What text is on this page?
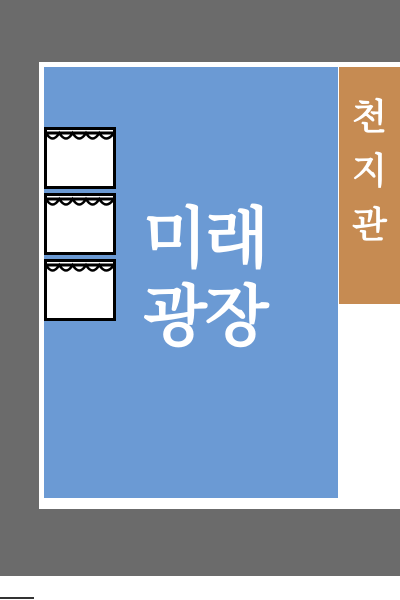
미래
광장
천
지
관
